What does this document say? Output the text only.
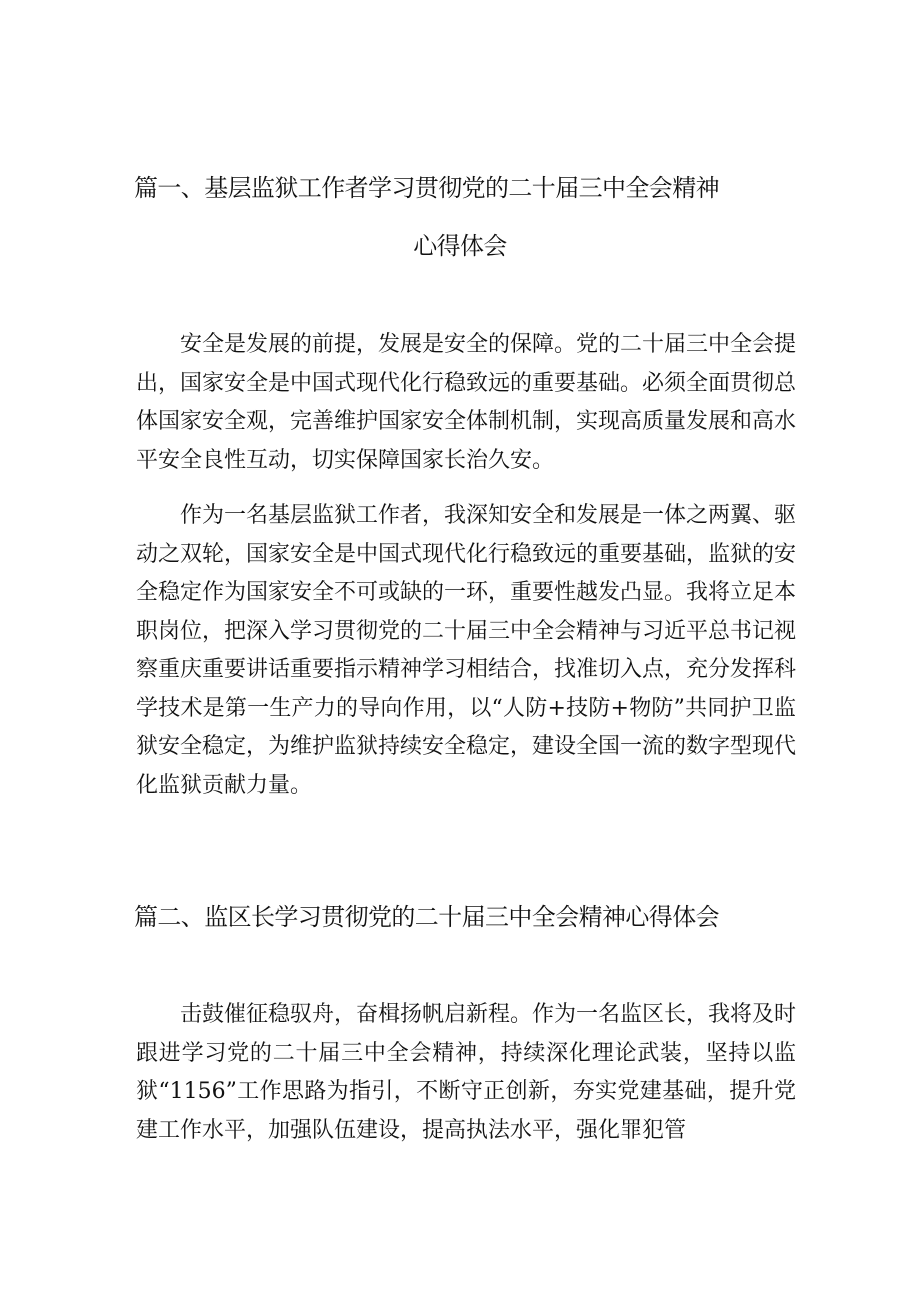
篇一、基层监狱工作者学习贯彻党的二十届三中全会精神
心得体会
安全是发展的前提，发展是安全的保障。党的二十届三中全会提出，国家安全是中国式现代化行稳致远的重要基础。必须全面贯彻总体国家安全观，完善维护国家安全体制机制，实现高质量发展和高水平安全良性互动，切实保障国家长治久安。
作为一名基层监狱工作者，我深知安全和发展是一体之两翼、驱动之双轮，国家安全是中国式现代化行稳致远的重要基础，监狱的安全稳定作为国家安全不可或缺的一环，重要性越发凸显。我将立足本职岗位，把深入学习贯彻党的二十届三中全会精神与习近平总书记视察重庆重要讲话重要指示精神学习相结合，找准切入点，充分发挥科学技术是第一生产力的导向作用，以“人防+技防+物防”共同护卫监狱安全稳定，为维护监狱持续安全稳定，建设全国一流的数字型现代化监狱贡献力量。
篇二、监区长学习贯彻党的二十届三中全会精神心得体会
击鼓催征稳驭舟，奋楫扬帆启新程。作为一名监区长，我将及时跟进学习党的二十届三中全会精神，持续深化理论武装，坚持以监狱“1156”工作思路为指引，不断守正创新，夯实党建基础，提升党建工作水平，加强队伍建设，提高执法水平，强化罪犯管
